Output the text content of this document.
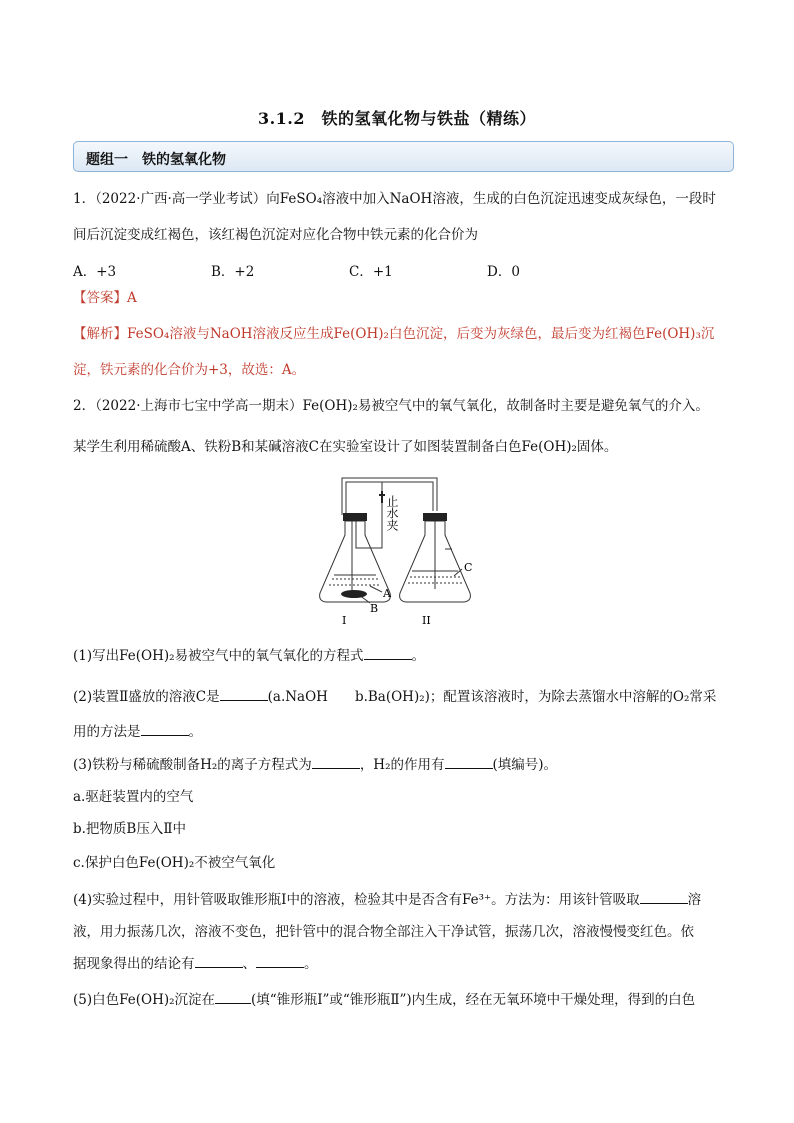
3.1.2　铁的氢氧化物与铁盐（精练）
题组一　铁的氢氧化物
1．（2022·广西·高一学业考试）向FeSO₄溶液中加入NaOH溶液，生成的白色沉淀迅速变成灰绿色，一段时
间后沉淀变成红褐色，该红褐色沉淀对应化合物中铁元素的化合价为
A．+3	B．+2	C．+1	D．0
【答案】A
【解析】FeSO₄溶液与NaOH溶液反应生成Fe(OH)₂白色沉淀，后变为灰绿色，最后变为红褐色Fe(OH)₃沉
淀，铁元素的化合价为+3，故选：A。
2．（2022·上海市七宝中学高一期末）Fe(OH)₂易被空气中的氧气氧化，故制备时主要是避免氧气的介入。
某学生利用稀硫酸A、铁粉B和某碱溶液C在实验室设计了如图装置制备白色Fe(OH)₂固体。
止水夹
A
B
C
I	II
(1)写出Fe(OH)₂易被空气中的氧气氧化的方程式	。
(2)装置Ⅱ盛放的溶液C是	(a.NaOH　　b.Ba(OH)₂)；配置该溶液时，为除去蒸馏水中溶解的O₂常采
用的方法是	。
(3)铁粉与稀硫酸制备H₂的离子方程式为	，H₂的作用有	(填编号)。
a.驱赶装置内的空气
b.把物质B压入Ⅱ中
c.保护白色Fe(OH)₂不被空气氧化
(4)实验过程中，用针管吸取锥形瓶Ⅰ中的溶液，检验其中是否含有Fe³⁺。方法为：用该针管吸取	溶
液，用力振荡几次，溶液不变色，把针管中的混合物全部注入干净试管，振荡几次，溶液慢慢变红色。依
据现象得出的结论有	、	。
(5)白色Fe(OH)₂沉淀在	(填“锥形瓶Ⅰ”或“锥形瓶Ⅱ”)内生成，经在无氧环境中干燥处理，得到的白色
